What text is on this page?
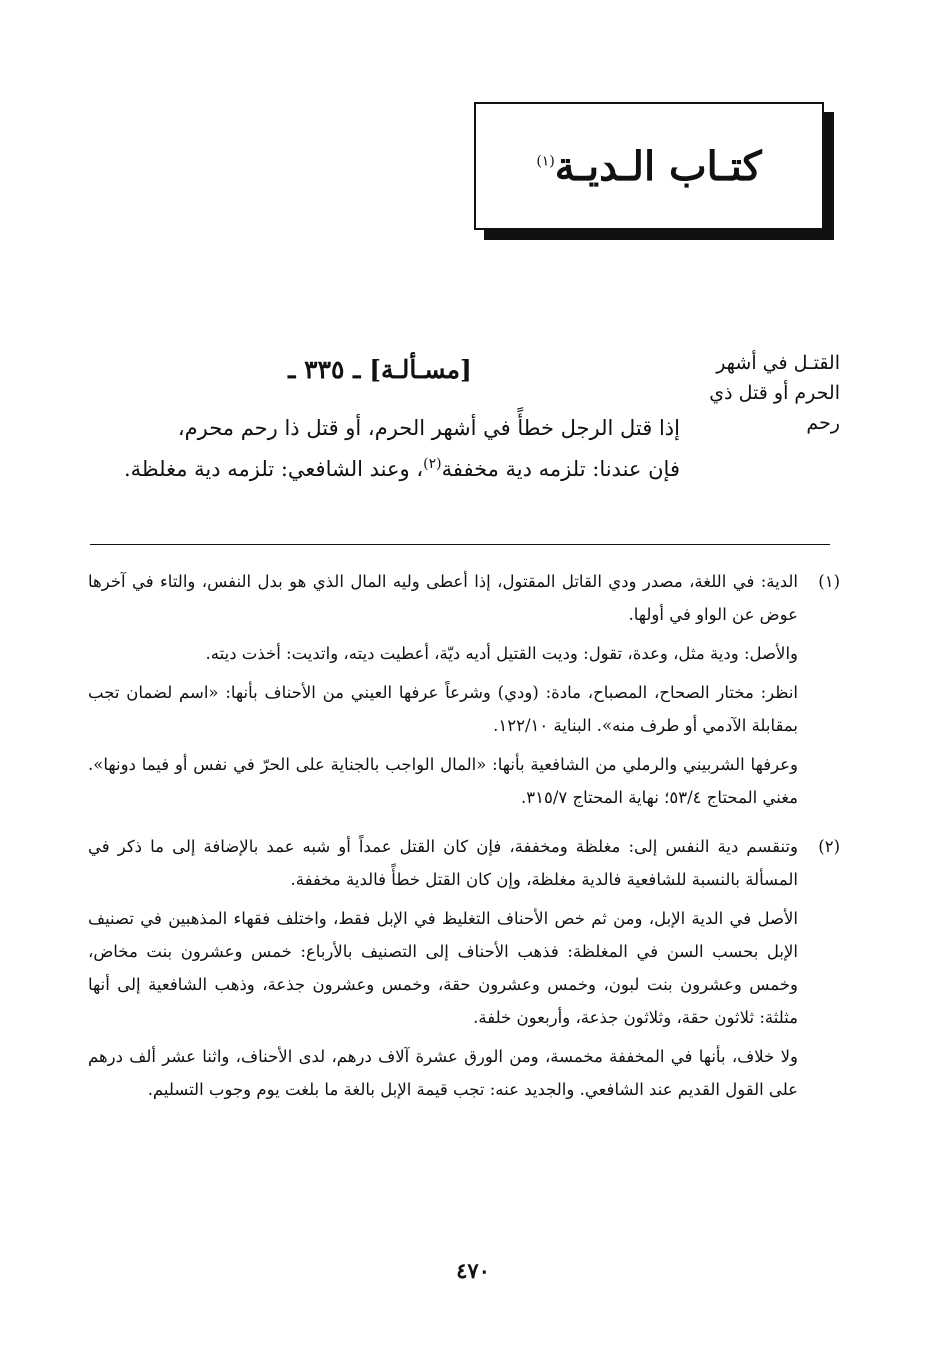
كتـاب الـديـة$^{(١)}$
القتـل في أشهر
الحرم أو قتل ذي
رحم
[مسـألـة] ـ ٣٣٥ ـ
إذا قتل الرجل خطأً في أشهر الحرم، أو قتل ذا رحم محرم،
فإن عندنا: تلزمه دية مخففة$^{(٢)}$، وعند الشافعي: تلزمه دية مغلظة.
(١)

الدية: في اللغة، مصدر ودي القاتل المقتول، إذا أعطى وليه المال الذي هو بدل النفس، والتاء في آخرها عوض عن الواو في أولها.

والأصل: ودية مثل، وعدة، تقول: وديت القتيل أديه ديّة، أعطيت ديته، واتديت: أخذت ديته.

انظر: مختار الصحاح، المصباح، مادة: (ودي) وشرعاً عرفها العيني من الأحناف بأنها: «اسم لضمان تجب بمقابلة الآدمي أو طرف منه». البناية ١٢٢/١٠.

وعرفها الشربيني والرملي من الشافعية بأنها: «المال الواجب بالجناية على الحرّ في نفس أو فيما دونها». مغني المحتاج ٥٣/٤؛ نهاية المحتاج ٣١٥/٧.

(٢)

وتنقسم دية النفس إلى: مغلظة ومخففة، فإن كان القتل عمداً أو شبه عمد بالإضافة إلى ما ذكر في المسألة بالنسبة للشافعية فالدية مغلظة، وإن كان القتل خطأً فالدية مخففة.

الأصل في الدية الإبل، ومن ثم خص الأحناف التغليظ في الإبل فقط، واختلف فقهاء المذهبين في تصنيف الإبل بحسب السن في المغلظة: فذهب الأحناف إلى التصنيف بالأرباع: خمس وعشرون بنت مخاض، وخمس وعشرون بنت لبون، وخمس وعشرون حقة، وخمس وعشرون جذعة، وذهب الشافعية إلى أنها مثلثة: ثلاثون حقة، وثلاثون جذعة، وأربعون خلفة.

ولا خلاف، بأنها في المخففة مخمسة، ومن الورق عشرة آلاف درهم، لدى الأحناف، واثنا عشر ألف درهم على القول القديم عند الشافعي. والجديد عنه: تجب قيمة الإبل بالغة ما بلغت يوم وجوب التسليم.

٤٧٠
